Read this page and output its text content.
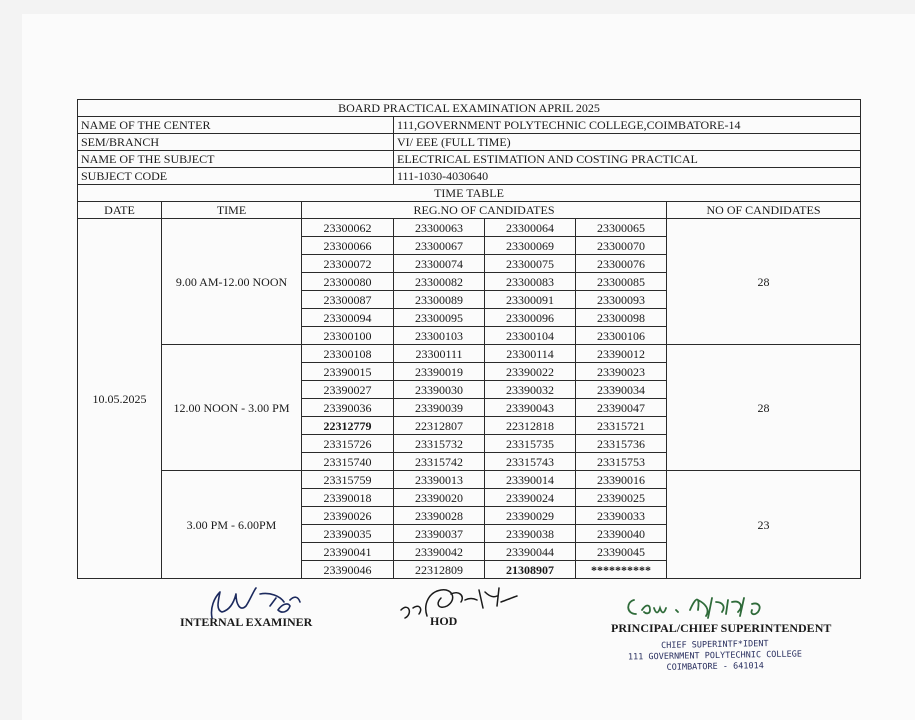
BOARD PRACTICAL EXAMINATION APRIL 2025						
NAME OF THE CENTER			111,GOVERNMENT POLYTECHNIC COLLEGE,COIMBATORE-14			
SEM/BRANCH			VI/ EEE (FULL TIME)			
NAME OF THE SUBJECT			ELECTRICAL ESTIMATION AND COSTING PRACTICAL			
SUBJECT CODE			111-1030-4030640			
TIME TABLE						
DATE	TIME	REG.NO OF CANDIDATES				NO OF CANDIDATES
10.05.2025	9.00 AM-12.00 NOON	23300062	23300063	23300064	23300065	28
		23300066	23300067	23300069	23300070	
		23300072	23300074	23300075	23300076	
		23300080	23300082	23300083	23300085	
		23300087	23300089	23300091	23300093	
		23300094	23300095	23300096	23300098	
		23300100	23300103	23300104	23300106	
	12.00 NOON - 3.00 PM	23300108	23300111	23300114	23390012	28
		23390015	23390019	23390022	23390023	
		23390027	23390030	23390032	23390034	
		23390036	23390039	23390043	23390047	
		22312779	22312807	22312818	23315721	
		23315726	23315732	23315735	23315736	
		23315740	23315742	23315743	23315753	
	3.00 PM - 6.00PM	23315759	23390013	23390014	23390016	23
		23390018	23390020	23390024	23390025	
		23390026	23390028	23390029	23390033	
		23390035	23390037	23390038	23390040	
		23390041	23390042	23390044	23390045	
		23390046	22312809	21308907	**********	
INTERNAL EXAMINER	HOD	PRINCIPAL/CHIEF SUPERINTENDENT
CHIEF SUPERINTF*IDENT
111 GOVERNMENT POLYTECHNIC COLLEGE
COIMBATORE - 641014
